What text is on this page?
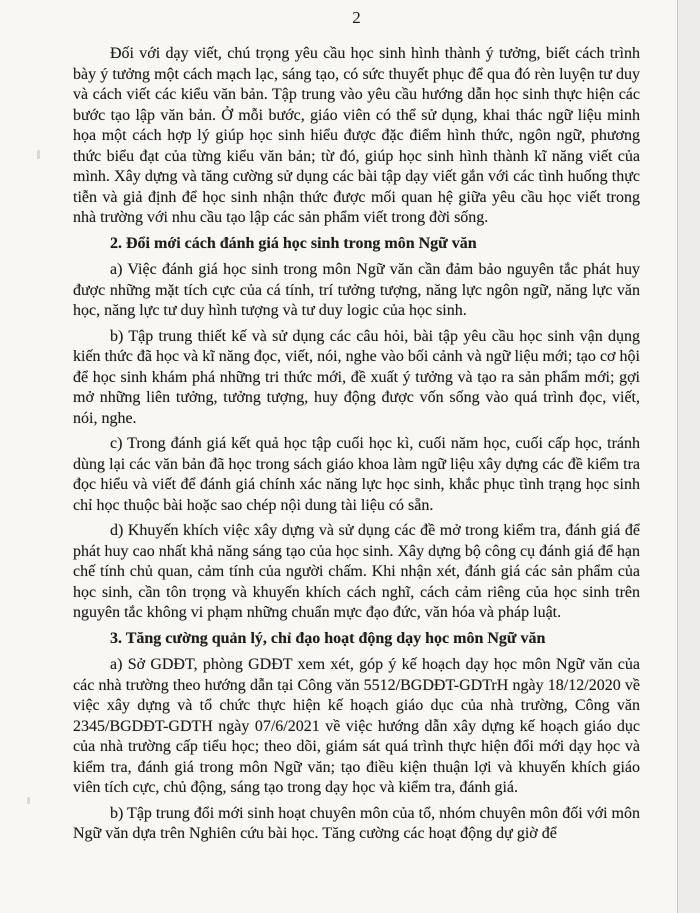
2

Đối với dạy viết, chú trọng yêu cầu học sinh hình thành ý tưởng, biết cách trình bày ý tưởng một cách mạch lạc, sáng tạo, có sức thuyết phục để qua đó rèn luyện tư duy và cách viết các kiểu văn bản. Tập trung vào yêu cầu hướng dẫn học sinh thực hiện các bước tạo lập văn bản. Ở mỗi bước, giáo viên có thể sử dụng, khai thác ngữ liệu minh họa một cách hợp lý giúp học sinh hiểu được đặc điểm hình thức, ngôn ngữ, phương thức biểu đạt của từng kiểu văn bản; từ đó, giúp học sinh hình thành kĩ năng viết của mình. Xây dựng và tăng cường sử dụng các bài tập dạy viết gắn với các tình huống thực tiễn và giả định để học sinh nhận thức được mối quan hệ giữa yêu cầu học viết trong nhà trường với nhu cầu tạo lập các sản phẩm viết trong đời sống.

2. Đổi mới cách đánh giá học sinh trong môn Ngữ văn

a) Việc đánh giá học sinh trong môn Ngữ văn cần đảm bảo nguyên tắc phát huy được những mặt tích cực của cá tính, trí tưởng tượng, năng lực ngôn ngữ, năng lực văn học, năng lực tư duy hình tượng và tư duy logic của học sinh.

b) Tập trung thiết kế và sử dụng các câu hỏi, bài tập yêu cầu học sinh vận dụng kiến thức đã học và kĩ năng đọc, viết, nói, nghe vào bối cảnh và ngữ liệu mới; tạo cơ hội để học sinh khám phá những tri thức mới, đề xuất ý tưởng và tạo ra sản phẩm mới; gợi mở những liên tưởng, tưởng tượng, huy động được vốn sống vào quá trình đọc, viết, nói, nghe.

c) Trong đánh giá kết quả học tập cuối học kì, cuối năm học, cuối cấp học, tránh dùng lại các văn bản đã học trong sách giáo khoa làm ngữ liệu xây dựng các đề kiểm tra đọc hiểu và viết để đánh giá chính xác năng lực học sinh, khắc phục tình trạng học sinh chỉ học thuộc bài hoặc sao chép nội dung tài liệu có sẵn.

d) Khuyến khích việc xây dựng và sử dụng các đề mở trong kiểm tra, đánh giá để phát huy cao nhất khả năng sáng tạo của học sinh. Xây dựng bộ công cụ đánh giá để hạn chế tính chủ quan, cảm tính của người chấm. Khi nhận xét, đánh giá các sản phẩm của học sinh, cần tôn trọng và khuyến khích cách nghĩ, cách cảm riêng của học sinh trên nguyên tắc không vi phạm những chuẩn mực đạo đức, văn hóa và pháp luật.

3. Tăng cường quản lý, chỉ đạo hoạt động dạy học môn Ngữ văn

a) Sở GDĐT, phòng GDĐT xem xét, góp ý kế hoạch dạy học môn Ngữ văn của các nhà trường theo hướng dẫn tại Công văn 5512/BGDĐT-GDTrH ngày 18/12/2020 về việc xây dựng và tổ chức thực hiện kế hoạch giáo dục của nhà trường, Công văn 2345/BGDĐT-GDTH ngày 07/6/2021 về việc hướng dẫn xây dựng kế hoạch giáo dục của nhà trường cấp tiểu học; theo dõi, giám sát quá trình thực hiện đổi mới dạy học và kiểm tra, đánh giá trong môn Ngữ văn; tạo điều kiện thuận lợi và khuyến khích giáo viên tích cực, chủ động, sáng tạo trong dạy học và kiểm tra, đánh giá.

b) Tập trung đổi mới sinh hoạt chuyên môn của tổ, nhóm chuyên môn đối với môn Ngữ văn dựa trên Nghiên cứu bài học. Tăng cường các hoạt động dự giờ để
